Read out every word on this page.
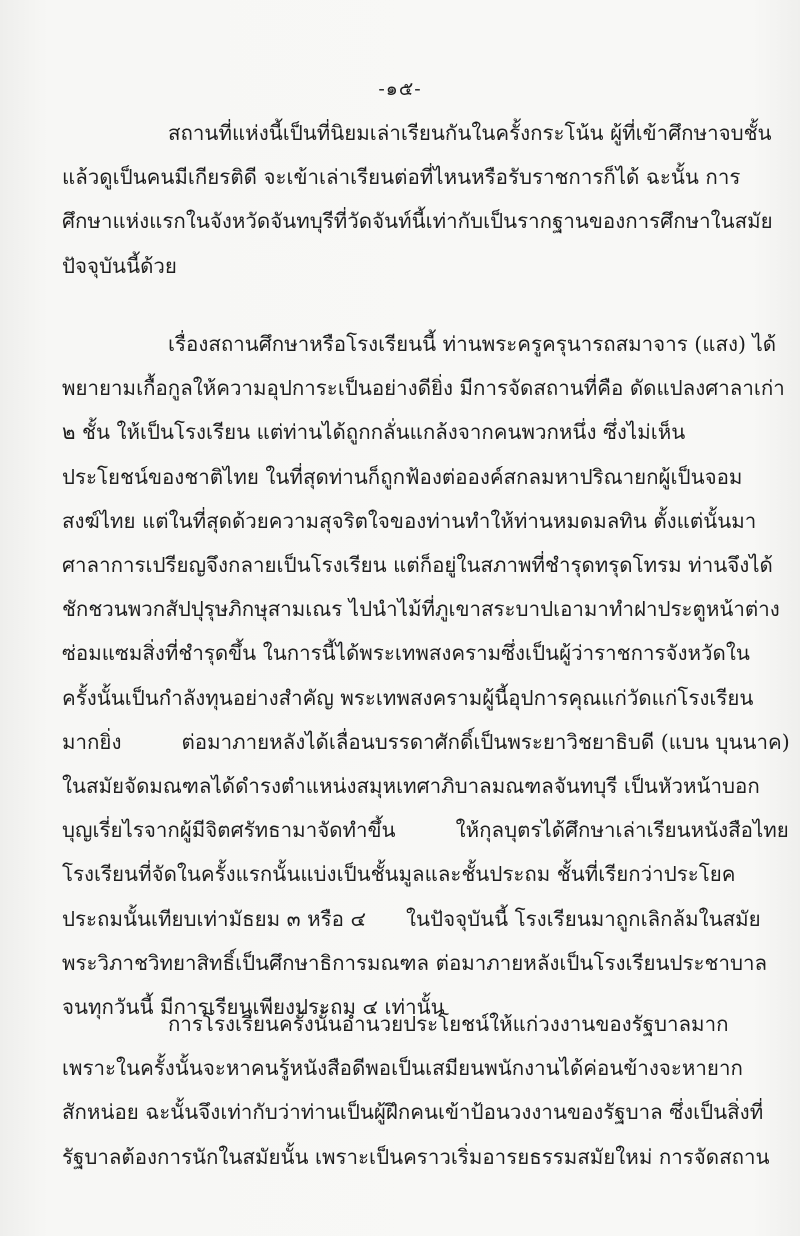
-๑๕-
สถานที่แห่งนี้เป็นที่นิยมเล่าเรียนกันในครั้งกระโน้น ผู้ที่เข้าศึกษาจบชั้น
แล้วดูเป็นคนมีเกียรติดี จะเข้าเล่าเรียนต่อที่ไหนหรือรับราชการก็ได้ ฉะนั้น การ
ศึกษาแห่งแรกในจังหวัดจันทบุรีที่วัดจันท์นี้เท่ากับเป็นรากฐานของการศึกษาในสมัย
ปัจจุบันนี้ด้วย
เรื่องสถานศึกษาหรือโรงเรียนนี้ ท่านพระครูครุนารถสมาจาร (แสง) ได้
พยายามเกื้อกูลให้ความอุปการะเป็นอย่างดียิ่ง มีการจัดสถานที่คือ ดัดแปลงศาลาเก่า
๒ ชั้น ให้เป็นโรงเรียน แต่ท่านได้ถูกกลั่นแกล้งจากคนพวกหนึ่ง ซึ่งไม่เห็น
ประโยชน์ของชาติไทย ในที่สุดท่านก็ถูกฟ้องต่อองค์สกลมหาปริณายกผู้เป็นจอม
สงฆ์ไทย แต่ในที่สุดด้วยความสุจริตใจของท่านทำให้ท่านหมดมลทิน ตั้งแต่นั้นมา
ศาลาการเปรียญจึงกลายเป็นโรงเรียน แต่ก็อยู่ในสภาพที่ชำรุดทรุดโทรม ท่านจึงได้
ชักชวนพวกสัปปุรุษภิกษุสามเณร ไปนำไม้ที่ภูเขาสระบาปเอามาทำฝาประตูหน้าต่าง
ซ่อมแซมสิ่งที่ชำรุดขึ้น ในการนี้ได้พระเทพสงครามซึ่งเป็นผู้ว่าราชการจังหวัดใน
ครั้งนั้นเป็นกำลังทุนอย่างสำคัญ พระเทพสงครามผู้นี้อุปการคุณแก่วัดแก่โรงเรียน
มากยิ่ง	ต่อมาภายหลังได้เลื่อนบรรดาศักดิ์เป็นพระยาวิชยาธิบดี (แบน บุนนาค)
ในสมัยจัดมณฑลได้ดำรงตำแหน่งสมุหเทศาภิบาลมณฑลจันทบุรี เป็นหัวหน้าบอก
บุญเรี่ยไรจากผู้มีจิตศรัทธามาจัดทำขึ้น	ให้กุลบุตรได้ศึกษาเล่าเรียนหนังสือไทย
โรงเรียนที่จัดในครั้งแรกนั้นแบ่งเป็นชั้นมูลและชั้นประถม ชั้นที่เรียกว่าประโยค
ประถมนั้นเทียบเท่ามัธยม ๓ หรือ ๔ ในปัจจุบันนี้ โรงเรียนมาถูกเลิกล้มในสมัย
พระวิภาชวิทยาสิทธิ์เป็นศึกษาธิการมณฑล ต่อมาภายหลังเป็นโรงเรียนประชาบาล
จนทุกวันนี้ มีการเรียนเพียงประถม ๔ เท่านั้น
การโรงเรียนครั้งนั้นอำนวยประโยชน์ให้แก่วงงานของรัฐบาลมาก
เพราะในครั้งนั้นจะหาคนรู้หนังสือดีพอเป็นเสมียนพนักงานได้ค่อนข้างจะหายาก
สักหน่อย ฉะนั้นจึงเท่ากับว่าท่านเป็นผู้ฝึกคนเข้าป้อนวงงานของรัฐบาล ซึ่งเป็นสิ่งที่
รัฐบาลต้องการนักในสมัยนั้น เพราะเป็นคราวเริ่มอารยธรรมสมัยใหม่ การจัดสถาน
